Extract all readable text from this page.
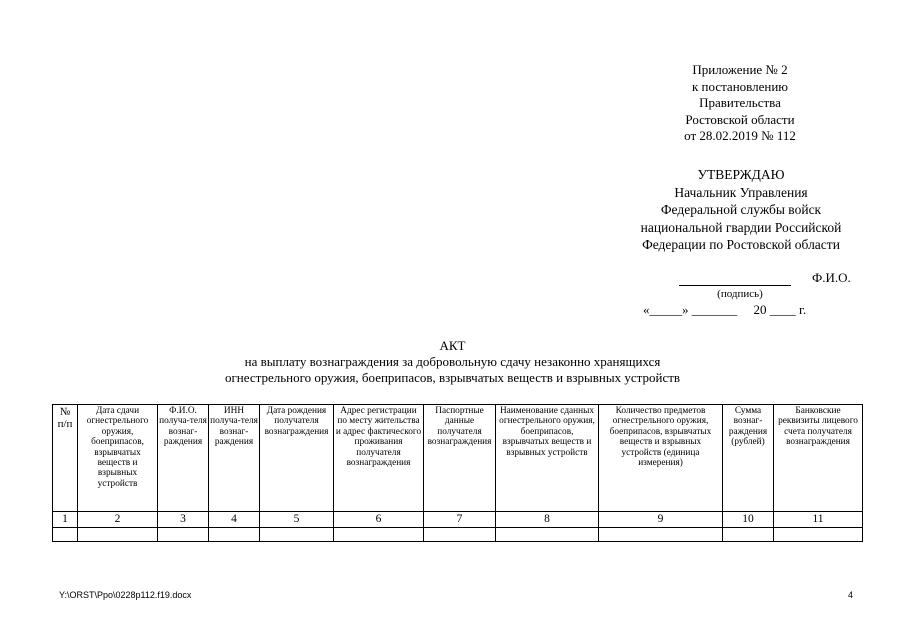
Приложение № 2
к постановлению
Правительства
Ростовской области
от 28.02.2019 № 112
УТВЕРЖДАЮ
Начальник Управления
Федеральной службы войск
национальной гвардии Российской
Федерации по Ростовской области
Ф.И.О.
(подпись)
«_____» _______     20 ____ г.
АКТ
на выплату вознаграждения за добровольную сдачу незаконно хранящихся
огнестрельного оружия, боеприпасов, взрывчатых веществ и взрывных устройств
№ п/п	Дата сдачи огнестрельного оружия, боеприпасов, взрывчатых веществ и взрывных устройств	Ф.И.О. получа-теля вознаг-раждения	ИНН получа-теля вознаг-раждения	Дата рождения получателя вознаграждения	Адрес регистрации по месту жительства и адрес фактического проживания получателя вознаграждения	Паспортные данные получателя вознаграждения	Наименование сданных огнестрельного оружия, боеприпасов, взрывчатых веществ и взрывных устройств	Количество предметов огнестрельного оружия, боеприпасов, взрывчатых веществ и взрывных устройств (единица измерения)	Сумма вознаг-раждения (рублей)	Банковские реквизиты лицевого счета получателя вознаграждения
1	2	3	4	5	6	7	8	9	10	11

Y:\ORST\Ppo\0228p112.f19.docx	4
